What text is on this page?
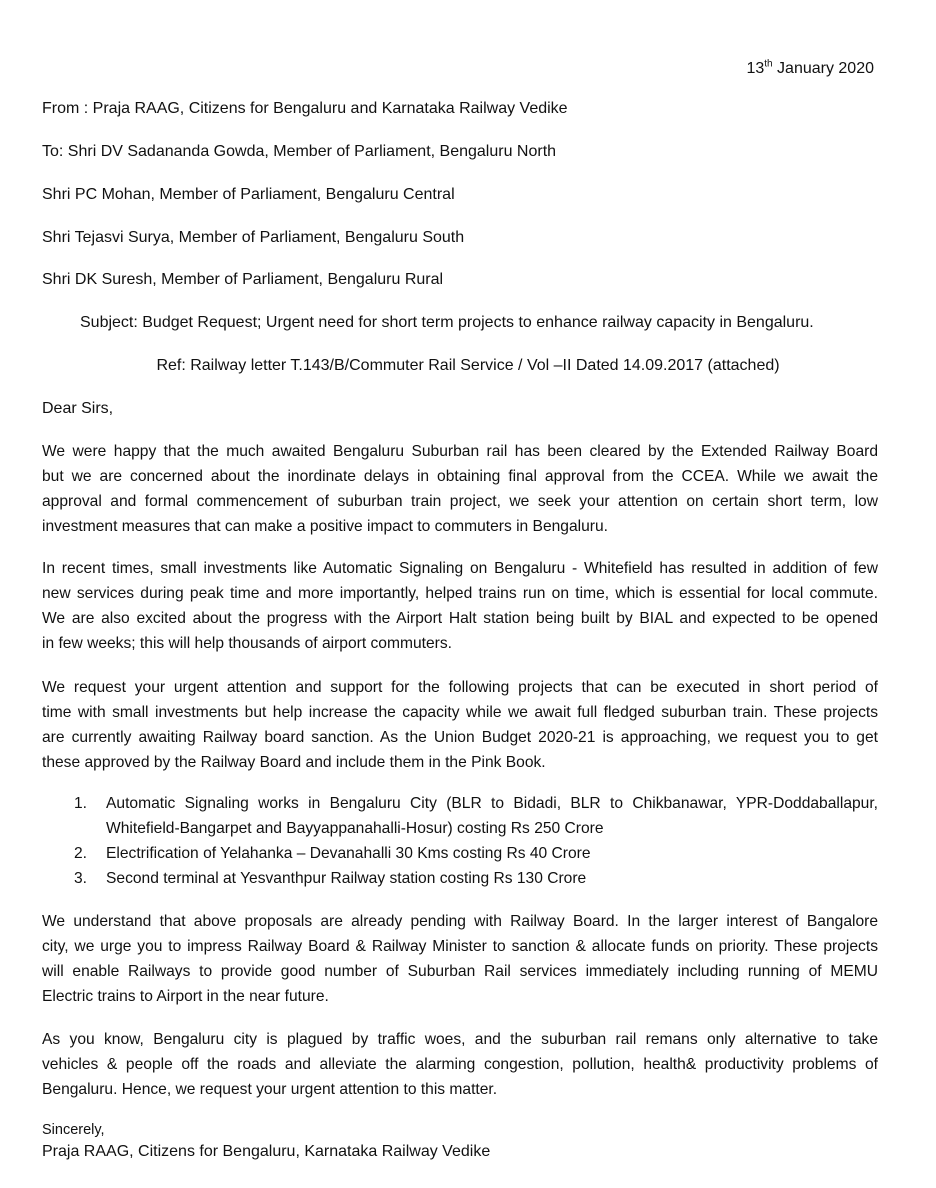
13th January 2020
From : Praja RAAG, Citizens for Bengaluru and Karnataka Railway Vedike
To: Shri DV Sadananda Gowda, Member of Parliament, Bengaluru North
Shri PC Mohan, Member of Parliament, Bengaluru Central
Shri Tejasvi Surya, Member of Parliament, Bengaluru South
Shri DK Suresh, Member of Parliament, Bengaluru Rural
Subject: Budget Request; Urgent need for short term projects to enhance railway capacity in Bengaluru.
Ref: Railway letter T.143/B/Commuter Rail Service / Vol –II Dated 14.09.2017 (attached)
Dear Sirs,
We were happy that the much awaited Bengaluru Suburban rail has been cleared by the Extended Railway Board
but we are concerned about the inordinate delays in obtaining final approval from the CCEA. While we await the
approval and formal commencement of suburban train project, we seek your attention on certain short term, low
investment measures that can make a positive impact to commuters in Bengaluru.
In recent times, small investments like Automatic Signaling on Bengaluru - Whitefield has resulted in addition of few
new services during peak time and more importantly, helped trains run on time, which is essential for local commute.
We are also excited about the progress with the Airport Halt station being built by BIAL and expected to be opened
in few weeks; this will help thousands of airport commuters.
We request your urgent attention and support for the following projects that can be executed in short period of
time with small investments but help increase the capacity while we await full fledged suburban train. These projects
are currently awaiting Railway board sanction. As the Union Budget 2020-21 is approaching, we request you to get
these approved by the Railway Board and include them in the Pink Book.
1.	Automatic Signaling works in Bengaluru City (BLR to Bidadi, BLR to Chikbanawar, YPR-Doddaballapur,
Whitefield-Bangarpet and Bayyappanahalli-Hosur) costing Rs 250 Crore
2.	Electrification of Yelahanka – Devanahalli 30 Kms costing Rs 40 Crore
3.	Second terminal at Yesvanthpur Railway station costing Rs 130 Crore
We understand that above proposals are already pending with Railway Board. In the larger interest of Bangalore
city, we urge you to impress Railway Board & Railway Minister to sanction & allocate funds on priority. These projects
will enable Railways to provide good number of Suburban Rail services immediately including running of MEMU
Electric trains to Airport in the near future.
As you know, Bengaluru city is plagued by traffic woes, and the suburban rail remans only alternative to take
vehicles & people off the roads and alleviate the alarming congestion, pollution, health& productivity problems of
Bengaluru. Hence, we request your urgent attention to this matter.
Sincerely,
Praja RAAG, Citizens for Bengaluru, Karnataka Railway Vedike
